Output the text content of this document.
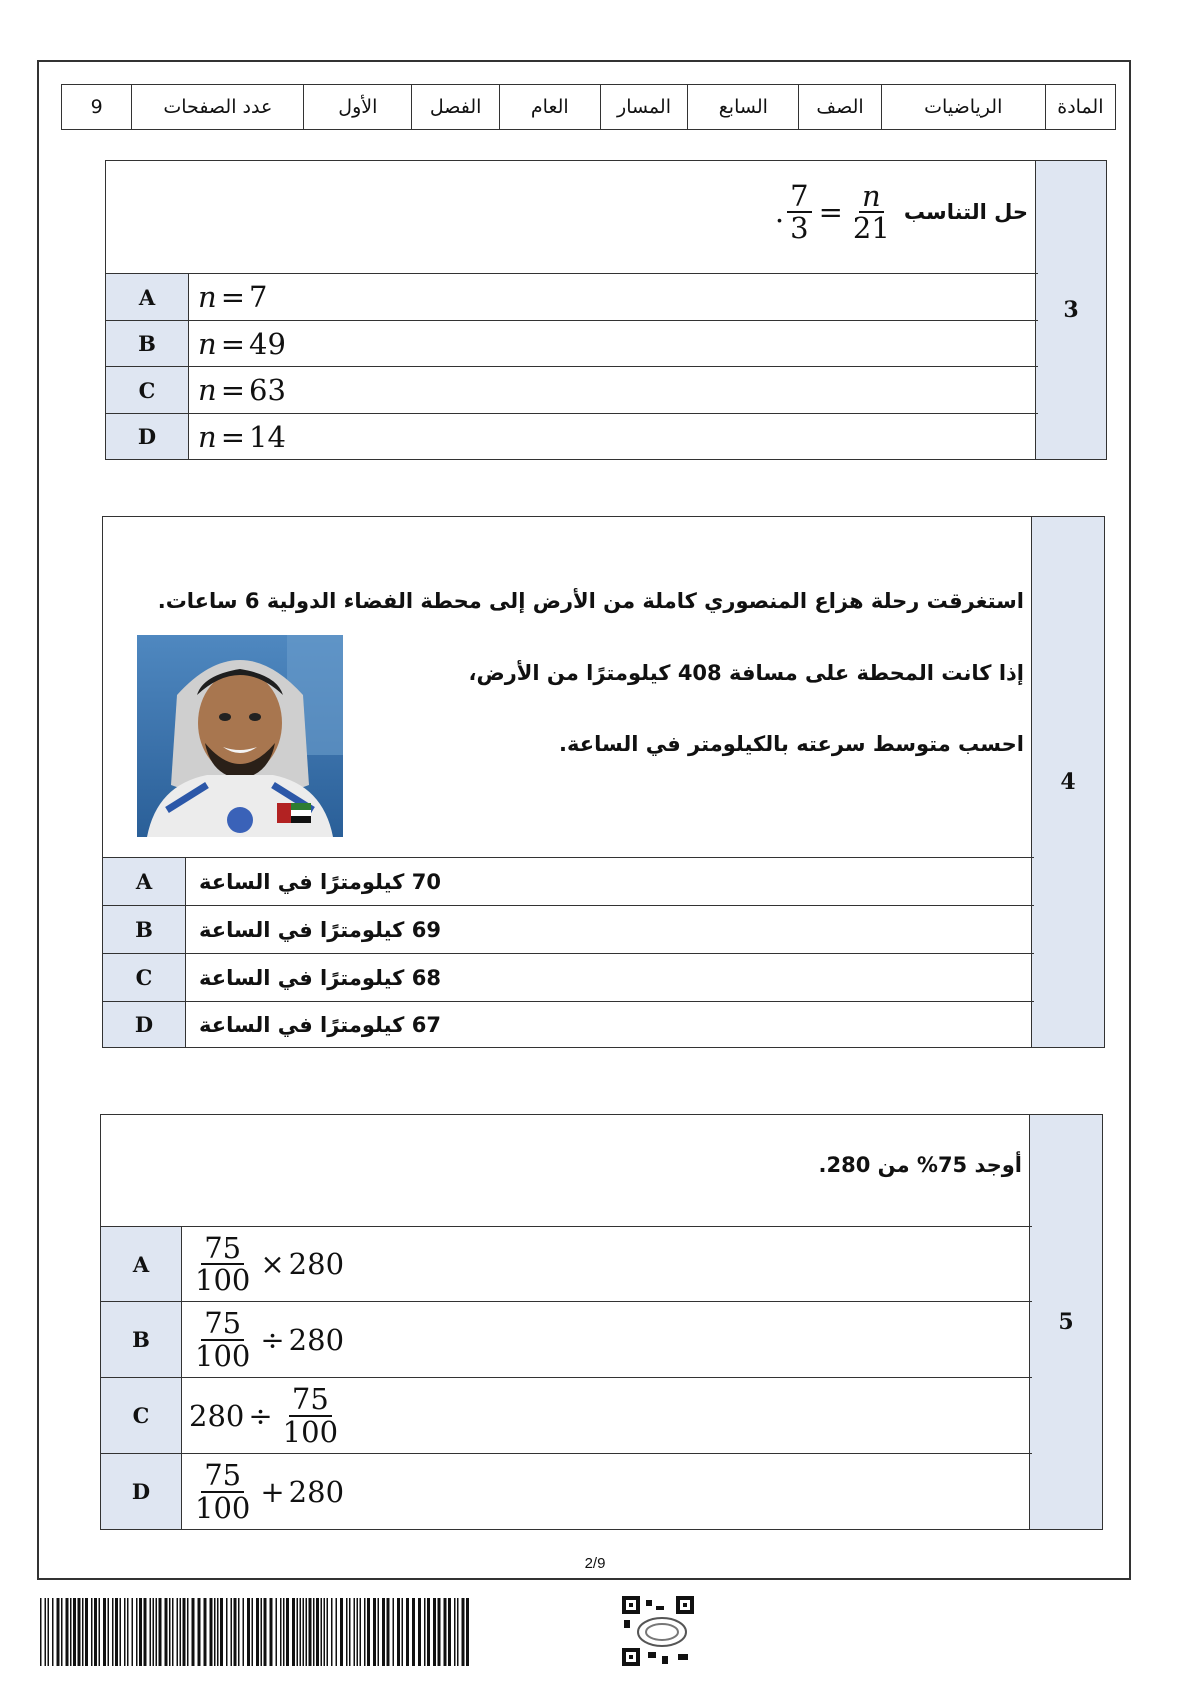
المادة	الرياضيات	الصف	السابع	المسار	العام	الفصل	الأول	عدد الصفحات	9
3
حل التناسب
. $\frac{7}{3} = \frac{n}{21}$
A	n = 7
B	n = 49
C	n = 63
D	n = 14
4
استغرقت رحلة هزاع المنصوري كاملة من الأرض إلى محطة الفضاء الدولية 6 ساعات.
إذا كانت المحطة على مسافة 408 كيلومترًا من الأرض،
احسب متوسط سرعته بالكيلومتر في الساعة.
A	70 كيلومترًا في الساعة
B	69 كيلومترًا في الساعة
C	68 كيلومترًا في الساعة
D	67 كيلومترًا في الساعة
5
أوجد 75% من 280.
A	$\frac{75}{100} \times 280$
B	$\frac{75}{100} \div 280$
C	$280 \div \frac{75}{100}$
D	$\frac{75}{100} + 280$
2/9
